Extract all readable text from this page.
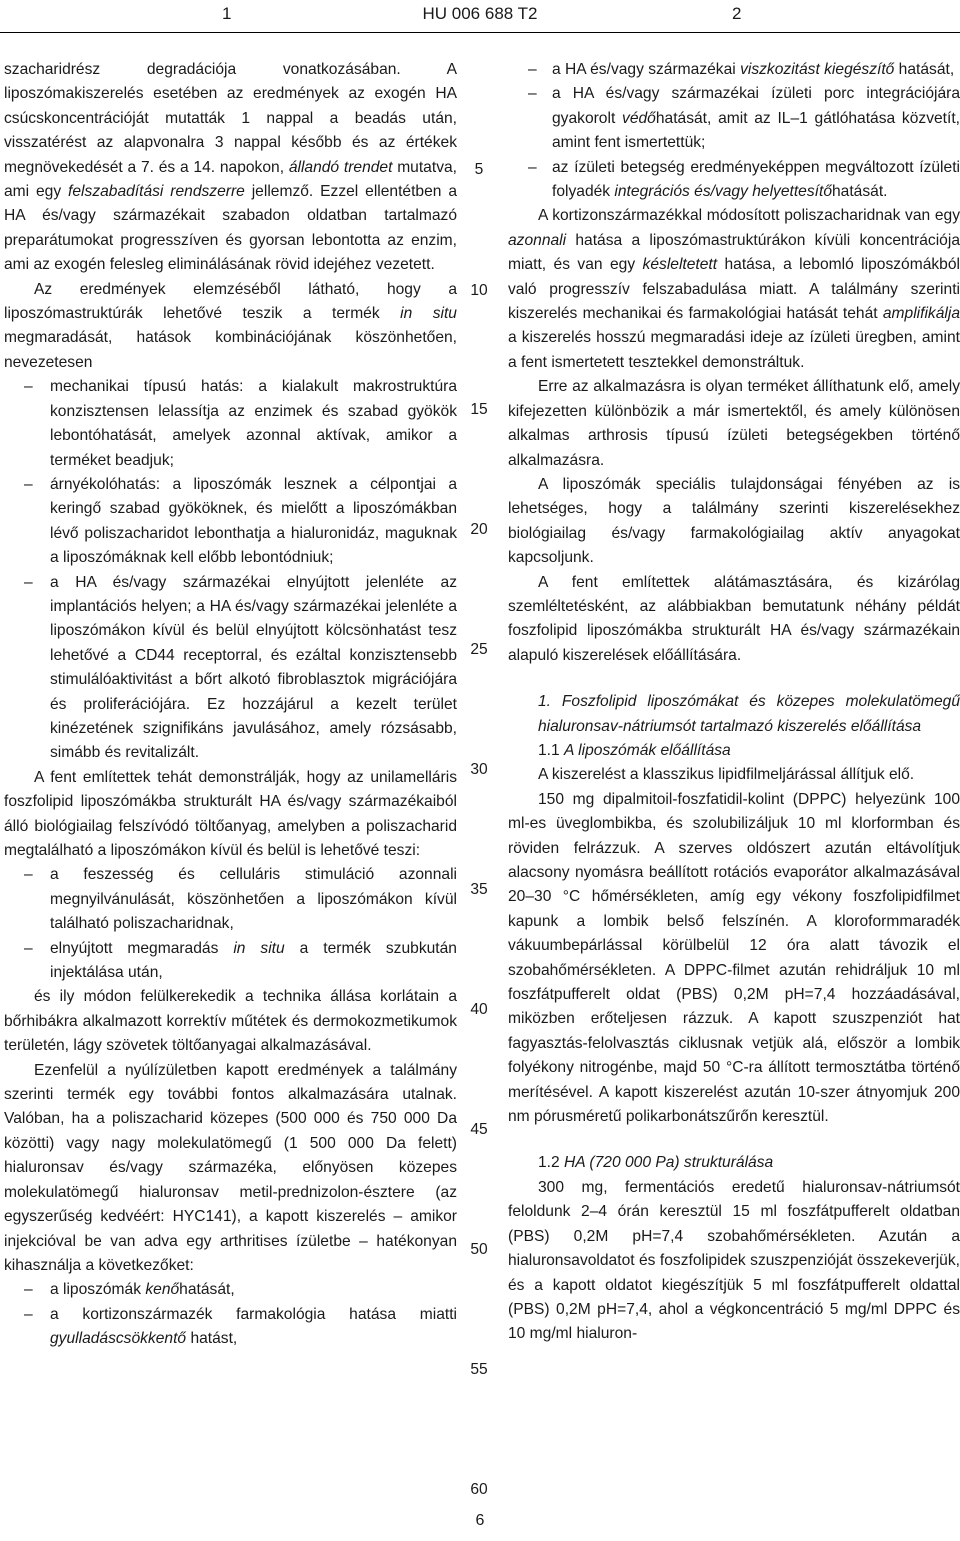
1	HU 006 688 T2	2

szacharidrész degradációja vonatkozásában. A liposzómakiszerelés esetében az eredmények az exogén HA csúcskoncentrációját mutatták 1 nappal a beadás után, visszatérést az alapvonalra 3 nappal később és az értékek megnövekedését a 7. és a 14. napokon, állandó trendet mutatva, ami egy felszabadítási rendszerre jellemző. Ezzel ellentétben a HA és/vagy származékait szabadon oldatban tartalmazó preparátumokat progresszíven és gyorsan lebontotta az enzim, ami az exogén felesleg eliminálásának rövid idejéhez vezetett.

Az eredmények elemzéséből látható, hogy a liposzómastruktúrák lehetővé teszik a termék in situ megmaradását, hatások kombinációjának köszönhetően, nevezetesen

– mechanikai típusú hatás: a kialakult makrostruktúra konzisztensen lelassítja az enzimek és szabad gyökök lebontóhatását, amelyek azonnal aktívak, amikor a terméket beadjuk;
– árnyékolóhatás: a liposzómák lesznek a célpontjai a keringő szabad gyököknek, és mielőtt a liposzómákban lévő poliszacharidot lebonthatja a hialuronidáz, maguknak a liposzómáknak kell előbb lebontódniuk;
– a HA és/vagy származékai elnyújtott jelenléte az implantációs helyen; a HA és/vagy származékai jelenléte a liposzómákon kívül és belül elnyújtott kölcsönhatást tesz lehetővé a CD44 receptorral, és ezáltal konzisztensebb stimulálóaktivitást a bőrt alkotó fibroblasztok migrációjára és proliferációjára. Ez hozzájárul a kezelt terület kinézetének szignifikáns javulásához, amely rózsásabb, simább és revitalizált.

A fent említettek tehát demonstrálják, hogy az unilamelláris foszfolipid liposzómákba strukturált HA és/vagy származékaiból álló biológiailag felszívódó töltőanyag, amelyben a poliszacharid megtalálható a liposzómákon kívül és belül is lehetővé teszi:

– a feszesség és celluláris stimuláció azonnali megnyilvánulását, köszönhetően a liposzómákon kívül található poliszacharidnak,
– elnyújtott megmaradás in situ a termék szubkután injektálása után,

és ily módon felülkerekedik a technika állása korlátain a bőrhibákra alkalmazott korrektív műtétek és dermokozmetikumok területén, lágy szövetek töltőanyagai alkalmazásával.

Ezenfelül a nyúlízületben kapott eredmények a találmány szerinti termék egy további fontos alkalmazására utalnak. Valóban, ha a poliszacharid közepes (500 000 és 750 000 Da közötti) vagy nagy molekulatömegű (1 500 000 Da felett) hialuronsav és/vagy származéka, előnyösen közepes molekulatömegű hialuronsav metil-prednizolon-észtere (az egyszerűség kedvéért: HYC141), a kapott kiszerelés – amikor injekcióval be van adva egy arthritises ízületbe – hatékonyan kihasználja a következőket:

– a liposzómák kenőhatását,
– a kortizonszármazék farmakológia hatása miatti gyulladáscsökkentő hatást,
5
10
15
20
25
30
35
40
45
50
55
60
– a HA és/vagy származékai viszkozitást kiegészítő hatását,
– a HA és/vagy származékai ízületi porc integrációjára gyakorolt védőhatását, amit az IL–1 gátlóhatása közvetít, amint fent ismertettük;
– az ízületi betegség eredményeképpen megváltozott ízületi folyadék integrációs és/vagy helyettesítőhatását.

A kortizonszármazékkal módosított poliszacharidnak van egy azonnali hatása a liposzómastruktúrákon kívüli koncentrációja miatt, és van egy késleltetett hatása, a lebomló liposzómákból való progresszív felszabadulása miatt. A találmány szerinti kiszerelés mechanikai és farmakológiai hatását tehát amplifikálja a kiszerelés hosszú megmaradási ideje az ízületi üregben, amint a fent ismertetett tesztekkel demonstráltuk.

Erre az alkalmazásra is olyan terméket állíthatunk elő, amely kifejezetten különbözik a már ismertektől, és amely különösen alkalmas arthrosis típusú ízületi betegségekben történő alkalmazásra.

A liposzómák speciális tulajdonságai fényében az is lehetséges, hogy a találmány szerinti kiszerelésekhez biológiailag és/vagy farmakológiailag aktív anyagokat kapcsoljunk.

A fent említettek alátámasztására, és kizárólag szemléltetésként, az alábbiakban bemutatunk néhány példát foszfolipid liposzómákba strukturált HA és/vagy származékain alapuló kiszerelések előállítására.

1. Foszfolipid liposzómákat és közepes molekulatömegű hialuronsav-nátriumsót tartalmazó kiszerelés előállítása

1.1 A liposzómák előállítása

A kiszerelést a klasszikus lipidfilmeljárással állítjuk elő.

150 mg dipalmitoil-foszfatidil-kolint (DPPC) helyezünk 100 ml-es üveglombikba, és szolubilizáljuk 10 ml klorformban és röviden felrázzuk. A szerves oldószert azután eltávolítjuk alacsony nyomásra beállított rotációs evaporátor alkalmazásával 20–30 °C hőmérsékleten, amíg egy vékony foszfolipidfilmet kapunk a lombik belső felszínén. A kloroformmaradék vákuumbepárlással körülbelül 12 óra alatt távozik el szobahőmérsékleten. A DPPC-filmet azután rehidráljuk 10 ml foszfátpufferelt oldat (PBS) 0,2M pH=7,4 hozzáadásával, miközben erőteljesen rázzuk. A kapott szuszpenziót hat fagyasztás-felolvasztás ciklusnak vetjük alá, először a lombik folyékony nitrogénbe, majd 50 °C-ra állított termosztátba történő merítésével. A kapott kiszerelést azután 10-szer átnyomjuk 200 nm pórusméretű polikarbonátszűrőn keresztül.

1.2 HA (720 000 Pa) strukturálása

300 mg, fermentációs eredetű hialuronsav-nátriumsót feloldunk 2–4 órán keresztül 15 ml foszfátpufferelt oldatban (PBS) 0,2M pH=7,4 szobahőmérsékleten. Azután a hialuronsavoldatot és foszfolipidek szuszpenzióját összekeverjük, és a kapott oldatot kiegészítjük 5 ml foszfátpufferelt oldattal (PBS) 0,2M pH=7,4, ahol a végkoncentráció 5 mg/ml DPPC és 10 mg/ml hialuron-

6
